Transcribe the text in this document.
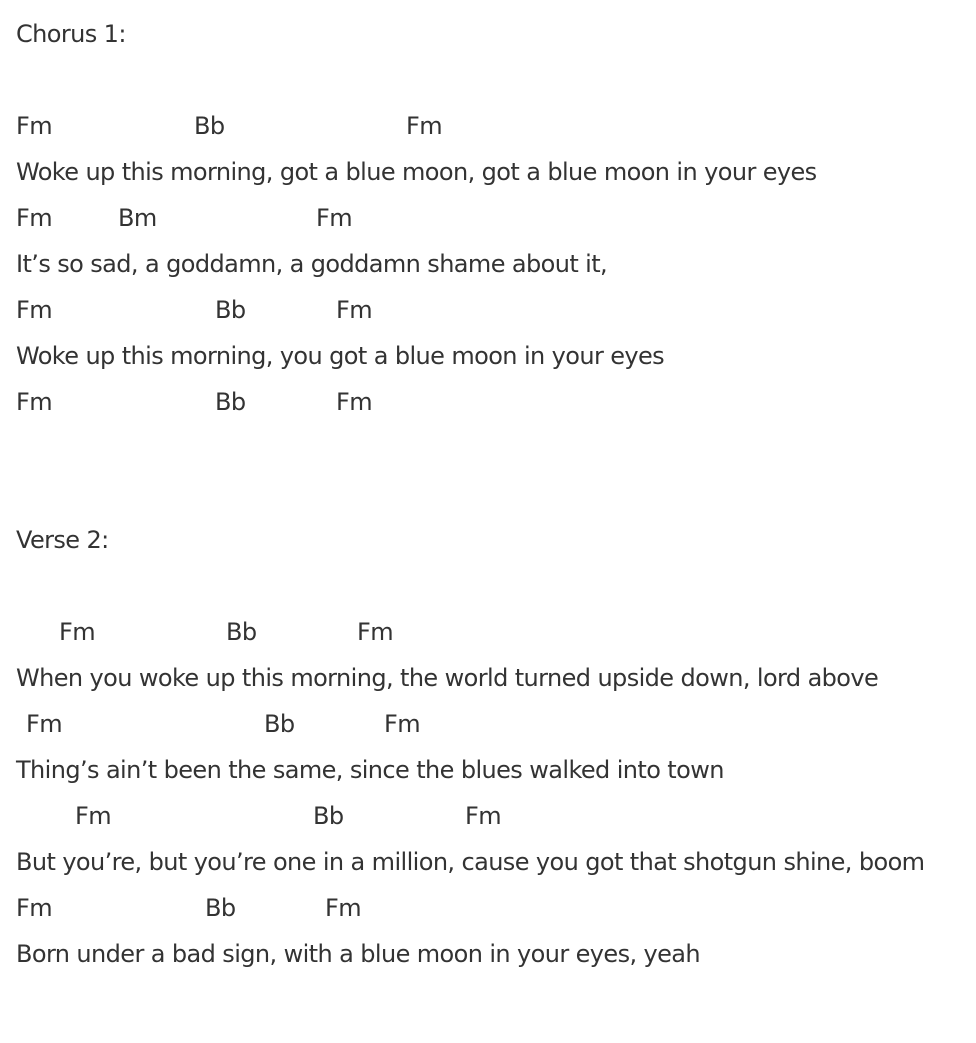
Chorus 1:

Fm

	Bb

	Fm

Woke up this morning, got a blue moon, got a blue moon in your eyes

Fm

	Bm

	Fm

It’s so sad, a goddamn, a goddamn shame about it,

Fm

	Bb

	Fm

Woke up this morning, you got a blue moon in your eyes

Fm

	Bb

	Fm

Verse 2:

Fm

	Bb

	Fm

When you woke up this morning, the world turned upside down, lord above

Fm

	Bb

	Fm

Thing’s ain’t been the same, since the blues walked into town

Fm

	Bb

	Fm

But you’re, but you’re one in a million, cause you got that shotgun shine, boom

Fm

	Bb

	Fm

Born under a bad sign, with a blue moon in your eyes, yeah
